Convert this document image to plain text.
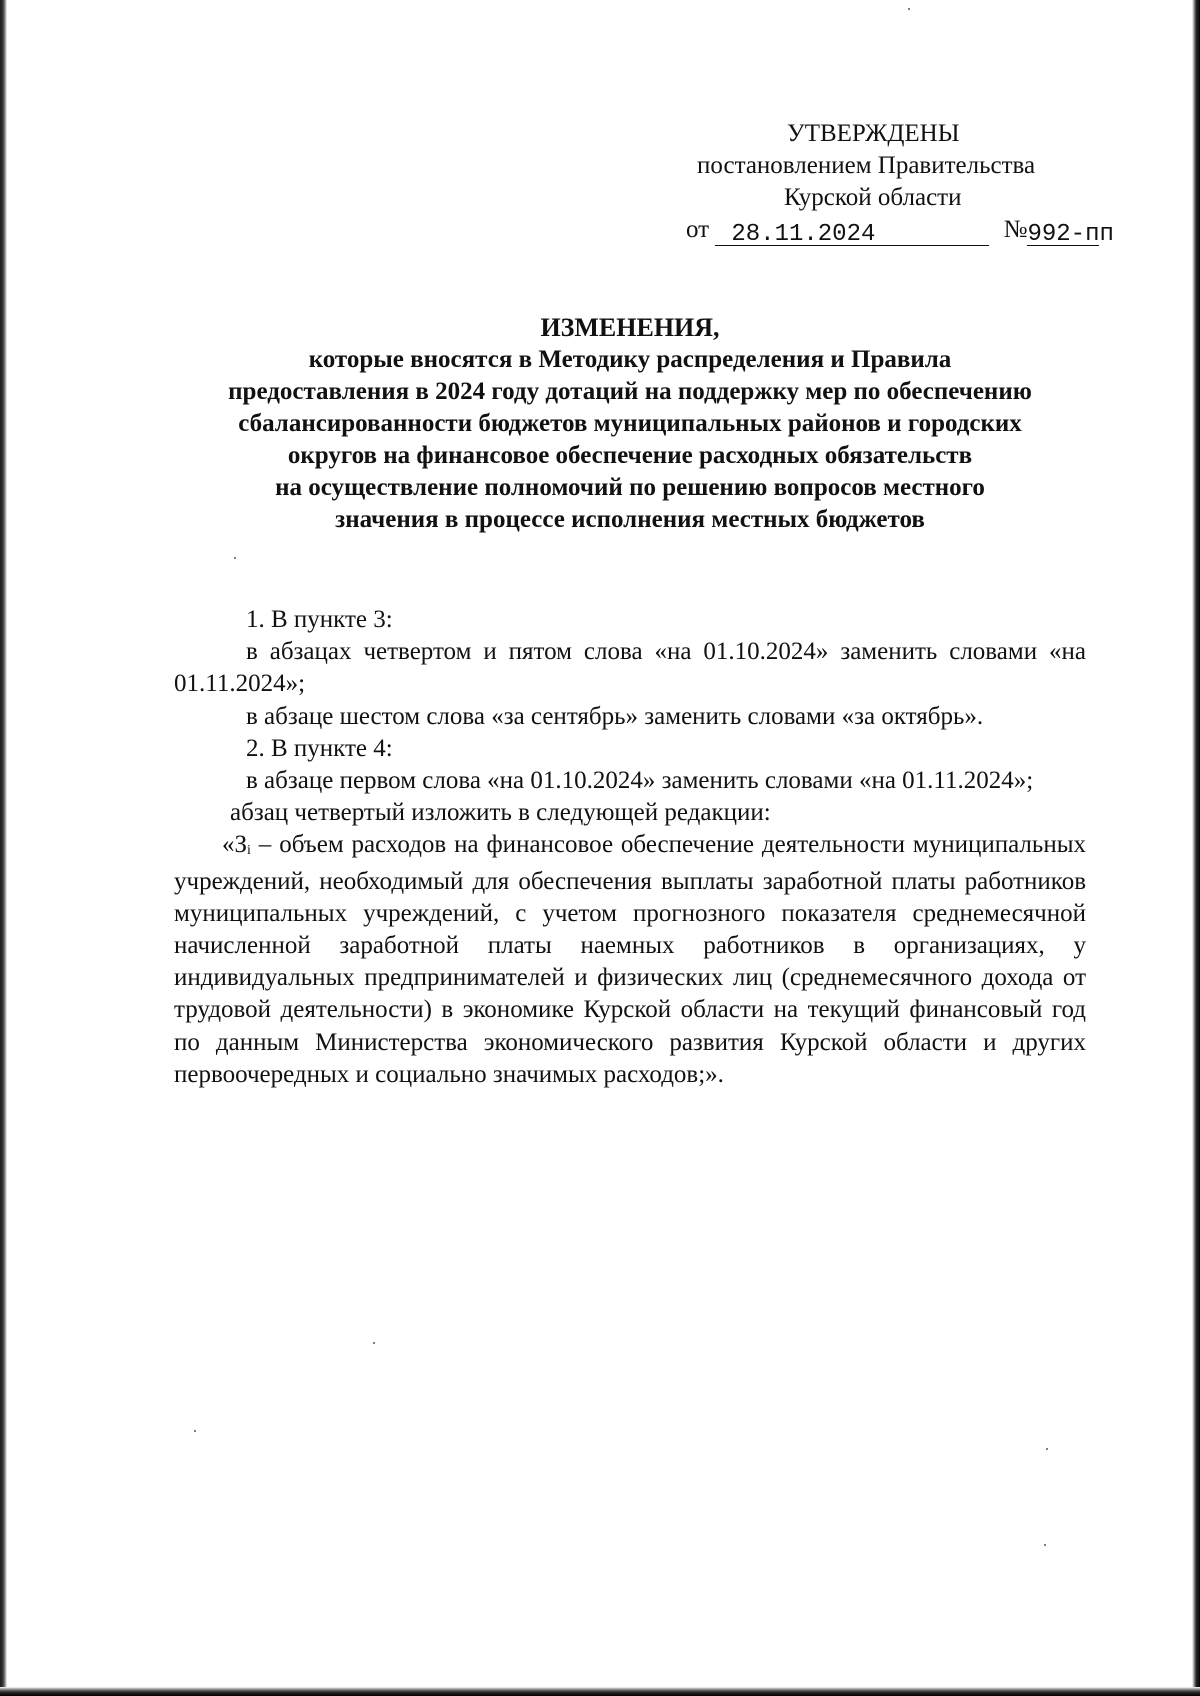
УТВЕРЖДЕНЫ
постановлением Правительства
Курской области
от 28.11.2024	№992-пп
ИЗМЕНЕНИЯ,
которые вносятся в Методику распределения и Правила
предоставления в 2024 году дотаций на поддержку мер по обеспечению
сбалансированности бюджетов муниципальных районов и городских
округов на финансовое обеспечение расходных обязательств
на осуществление полномочий по решению вопросов местного
значения в процессе исполнения местных бюджетов

1. В пункте 3:

в абзацах четвертом и пятом слова «на 01.10.2024» заменить словами «на 01.11.2024»;

в абзаце шестом слова «за сентябрь» заменить словами «за октябрь».

2. В пункте 4:

в абзаце первом слова «на 01.10.2024» заменить словами «на 01.11.2024»;

абзац четвертый изложить в следующей редакции:

«$З_i$ – объем расходов на финансовое обеспечение деятельности муниципальных учреждений, необходимый для обеспечения выплаты заработной платы работников муниципальных учреждений, с учетом прогнозного показателя среднемесячной начисленной заработной платы наемных работников в организациях, у индивидуальных предпринимателей и физических лиц (среднемесячного дохода от трудовой деятельности) в экономике Курской области на текущий финансовый год по данным Министерства экономического развития Курской области и других первоочередных и социально значимых расходов;».
